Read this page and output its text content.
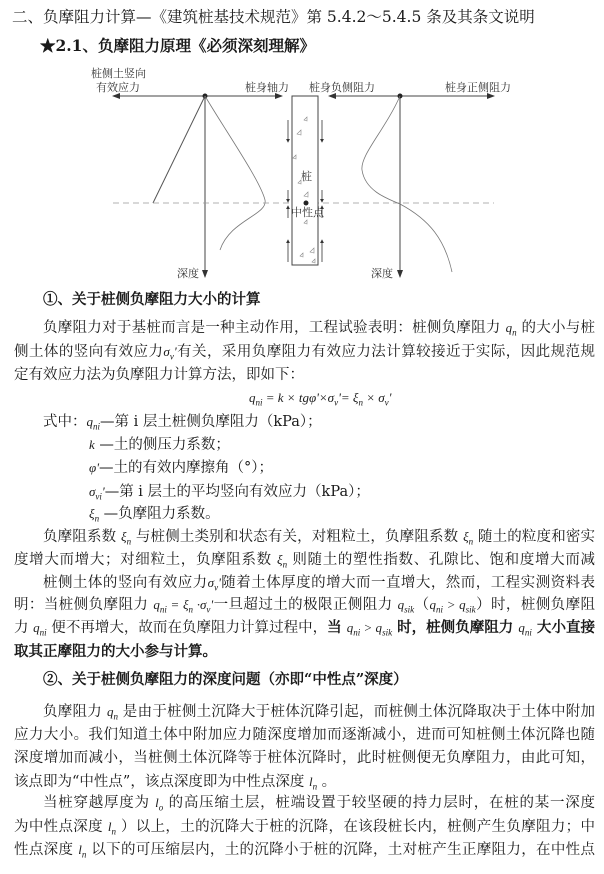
二、负摩阻力计算—《建筑桩基技术规范》第 5.4.2～5.4.5 条及其条文说明
★2.1、负摩阻力原理《必须深刻理解》
桩侧土竖向
有效应力	桩身轴力 桩身负侧阻力	桩身正侧阻力
深度	深度
桩
中性点
①、关于桩侧负摩阻力大小的计算
负摩阻力对于基桩而言是一种主动作用，工程试验表明：桩侧负摩阻力 $q_n$ 的大小与桩
侧土体的竖向有效应力$\sigma_v'$有关，采用负摩阻力有效应力法计算较接近于实际，因此规范规
定有效应力法为负摩阻力计算方法，即如下：
$q_{ni} = k \times tg\varphi'\times\sigma_v'= \xi_n \times \sigma_v'$
式中：$q_{ni}—$第 i 层土桩侧负摩阻力（kPa）；
k —土的侧压力系数；
φ'—土的有效内摩擦角（°）；
$\sigma_{vi}'—$第 i 层土的平均竖向有效应力（kPa）；
$\xi_n$ —负摩阻力系数。
负摩阻系数 $\xi_n$ 与桩侧土类别和状态有关，对粗粒土，负摩阻系数 $\xi_n$ 随土的粒度和密实
度增大而增大；对细粒土，负摩阻系数 $\xi_n$ 则随土的塑性指数、孔隙比、饱和度增大而减
桩侧土体的竖向有效应力$\sigma_v'$随着土体厚度的增大而一直增大，然而，工程实测资料表
明：当桩侧负摩阻力 $q_{ni} = \xi_n \cdot\sigma_v'$一旦超过土的极限正侧阻力 $q_{sik}(q_{ni} > q_{sik})$时，桩侧负摩阻
力 $q_{ni}$ 便不再增大，故而在负摩阻力计算过程中，当 $q_{ni} > q_{sik}$ 时，桩侧负摩阻力 $q_{ni}$ 大小直接
取其正摩阻力的大小参与计算。
②、关于桩侧负摩阻力的深度问题（亦即“中性点”深度）
负摩阻力 $q_n$ 是由于桩侧土沉降大于桩体沉降引起，而桩侧土体沉降取决于土体中附加
应力大小。我们知道土体中附加应力随深度增加而逐渐减小，进而可知桩侧土体沉降也随
深度增加而减小，当桩侧土体沉降等于桩体沉降时，此时桩侧便无负摩阻力，由此可知，
该点即为“中性点”，该点深度即为中性点深度 $l_n$ 。
当桩穿越厚度为 $l_o$ 的高压缩土层，桩端设置于较坚硬的持力层时，在桩的某一深度
为中性点深度 $l_n$ ）以上，土的沉降大于桩的沉降，在该段桩长内，桩侧产生负摩阻力；中
性点深度 $l_n$ 以下的可压缩层内，土的沉降小于桩的沉降，土对桩产生正摩阻力，在中性点
